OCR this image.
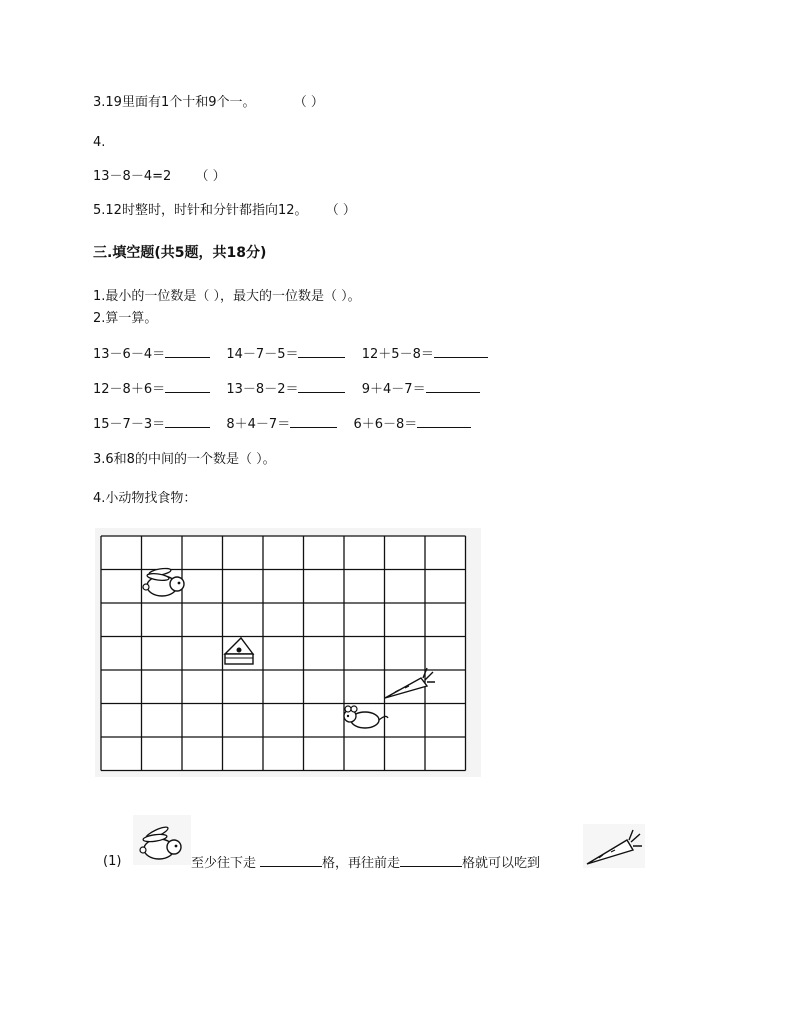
3.19里面有1个十和9个一。	（ ）
4.
13－8－4=2 （ ）
5.12时整时，时针和分针都指向12。 （ ）
三.填空题(共5题，共18分)
1.最小的一位数是（ ），最大的一位数是（ ）。
2.算一算。
13－6－4＝	14－7－5＝	12＋5－8＝
12－8＋6＝	13－8－2＝	9＋4－7＝
15－7－3＝	8＋4－7＝	6＋6－8＝
3.6和8的中间的一个数是（ ）。
4.小动物找食物：
(1)	至少往下走	格，再往前走	格就可以吃到
